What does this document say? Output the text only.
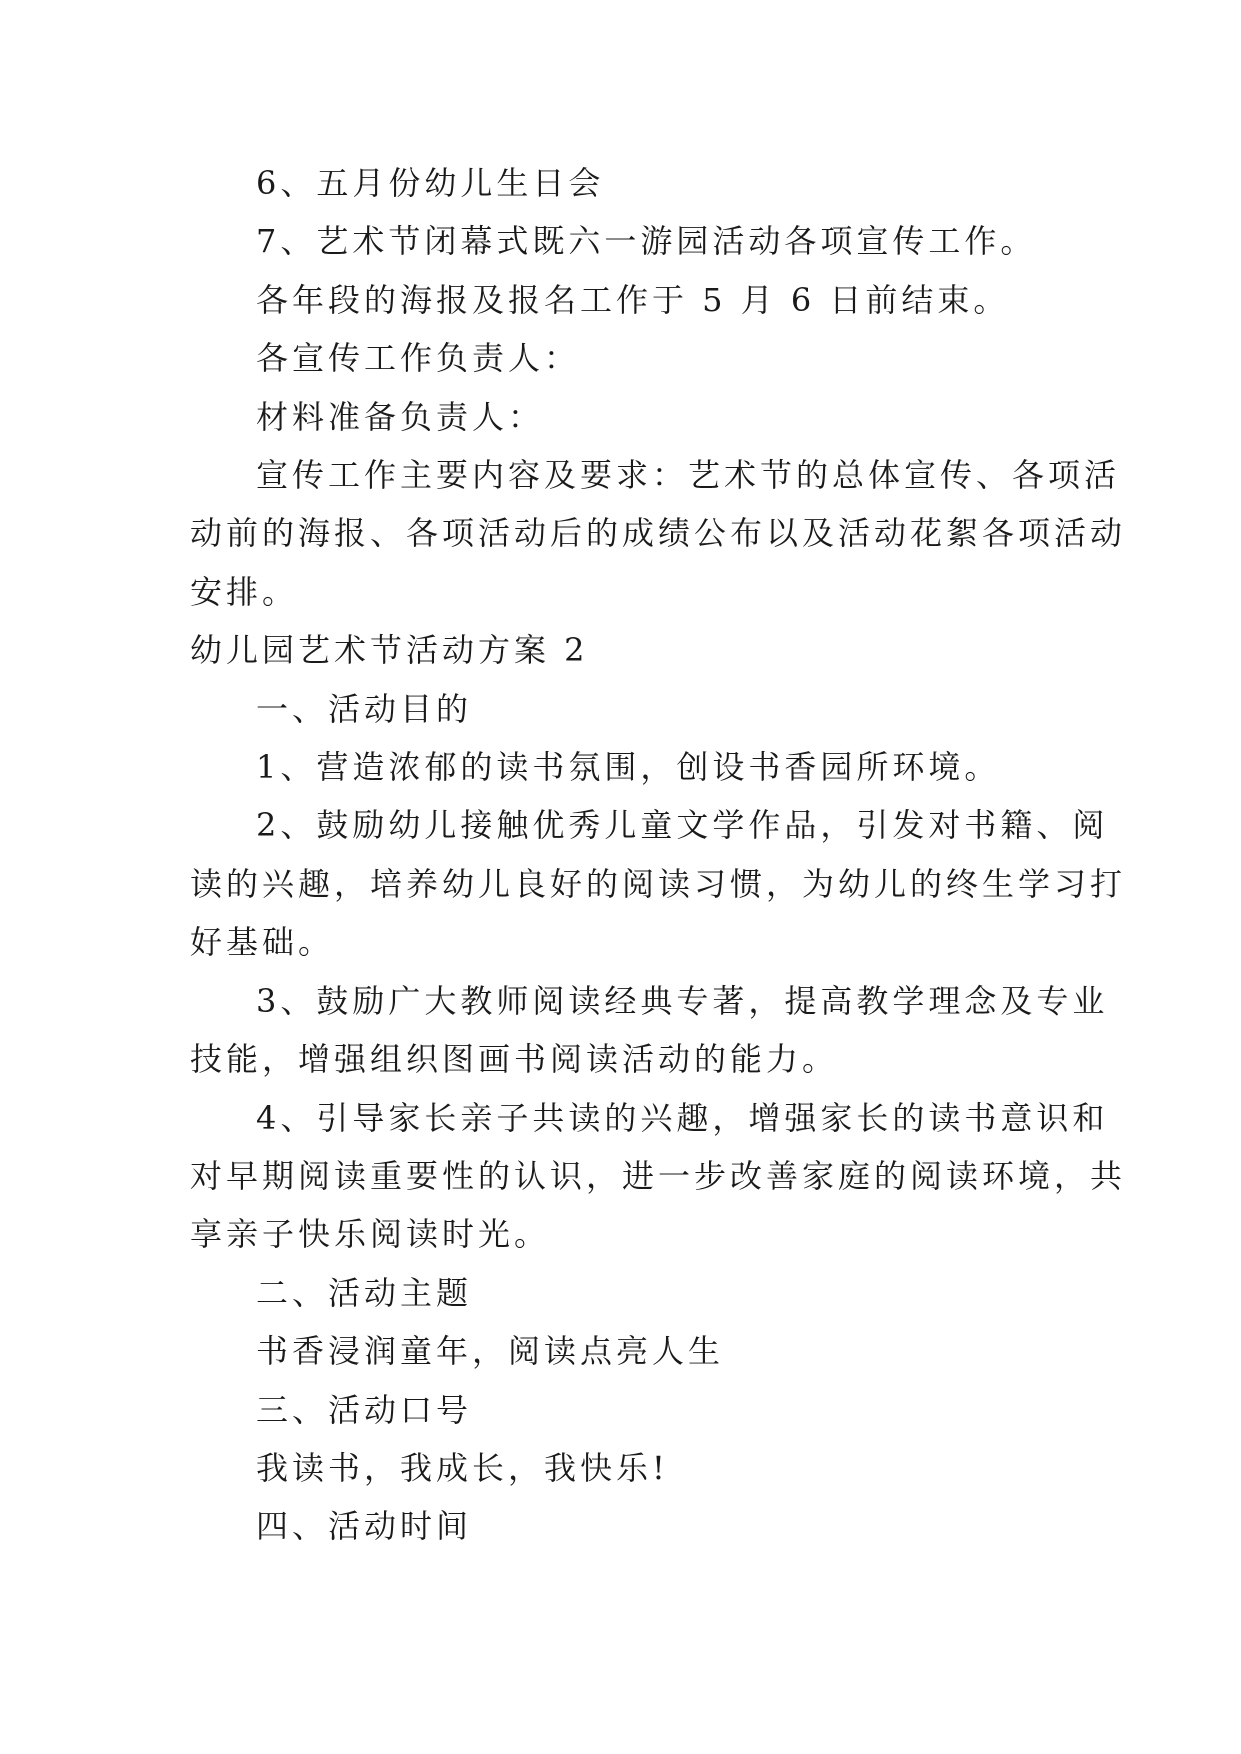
6、五月份幼儿生日会
7、艺术节闭幕式既六一游园活动各项宣传工作。
各年段的海报及报名工作于 5 月 6 日前结束。
各宣传工作负责人：
材料准备负责人：
宣传工作主要内容及要求：艺术节的总体宣传、各项活
动前的海报、各项活动后的成绩公布以及活动花絮各项活动
安排。
幼儿园艺术节活动方案 2
一、活动目的
1、营造浓郁的读书氛围，创设书香园所环境。
2、鼓励幼儿接触优秀儿童文学作品，引发对书籍、阅
读的兴趣，培养幼儿良好的阅读习惯，为幼儿的终生学习打
好基础。
3、鼓励广大教师阅读经典专著，提高教学理念及专业
技能，增强组织图画书阅读活动的能力。
4、引导家长亲子共读的兴趣，增强家长的读书意识和
对早期阅读重要性的认识，进一步改善家庭的阅读环境，共
享亲子快乐阅读时光。
二、活动主题
书香浸润童年，阅读点亮人生
三、活动口号
我读书，我成长，我快乐!
四、活动时间
